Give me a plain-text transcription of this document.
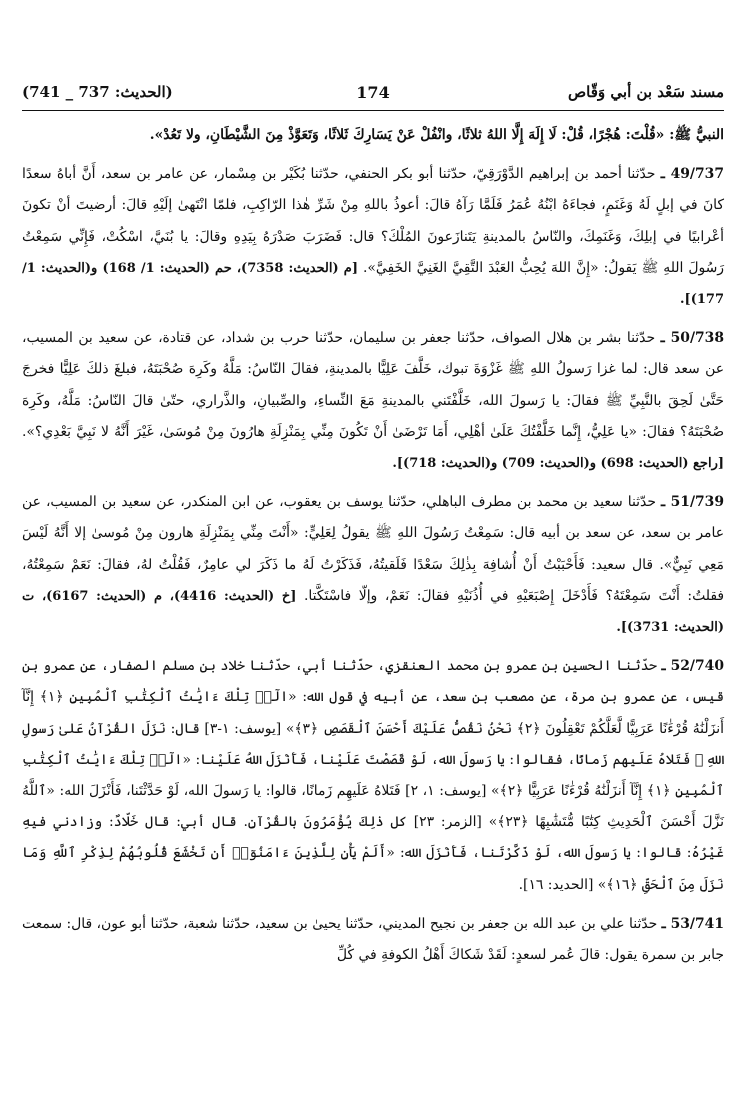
مسند سَعْد بن أبي وَقّاص
174
(الحديث: 737 _ 741)

النبيُّ ﷺ: «قُلْتَ: هُجْرًا، قُلْ: لَا إِلَهَ إِلَّا اللهُ ثلاثًا، وانْفُلْ عَنْ يَسَارِكَ ثَلاثًا، وَتَعَوَّذْ مِنَ الشَّيْطَانِ، ولا تَعُدْ».

49/737 ـ حدّثنا أحمد بن إبراهيم الدَّوْرَقِيّ، حدّثنا أبو بكر الحنفي، حدّثنا بُكَيْر بن مِسْمار، عن عامر بن سعد، أَنَّ أباهُ سعدًا كانَ في إبلٍ لَهُ وَغَنَمٍ، فجاءَهُ ابْنُهُ عُمَرُ فَلَمَّا رَآهُ قالَ: أعوذُ باللهِ مِنْ شَرِّ هٰذا الرّاكِبِ، فلمّا انْتَهىٰ إلَيْهِ قالَ: أرضيتَ أنْ تكونَ أعْرابيًا في إبلِكَ، وَغَنَمِكَ، والنّاسُ بالمدينةِ يَتَنازَعونَ المُلْكَ؟ قال: فَضَرَبَ صَدْرَهُ بِيَدِهِ وقالَ: يا بُنَيَّ، اسْكُتْ، فَإِنِّي سَمِعْتُ رَسُولَ اللهِ ﷺ يَقولُ: «إِنَّ اللهَ يُحِبُّ العَبْدَ التَّقِيَّ الغَنِيَّ الخَفِيَّ». [م (الحديث: 7358)، حم (الحديث: 1/ 168) و(الحديث: 1/ 177)].

50/738 ـ حدّثنا بشر بن هلال الصواف، حدّثنا جعفر بن سليمان، حدّثنا حرب بن شداد، عن قتادة، عن سعيد بن المسيب، عن سعد قال: لما غزا رَسولُ اللهِ ﷺ غَزْوَةَ تبوك، خَلَّفَ عَلِيًّا بالمدينةِ، فقالَ النّاسُ: مَلَّهُ وكَرِهَ صُحْبَتَهُ، فبلغَ ذلكَ عَلِيًّا فخرجَ حَتَّىٰ لَحِقَ بالنَّبِيِّ ﷺ فقالَ: يا رَسولَ الله، خَلَّفْتَني بالمدينةِ مَعَ النِّساءِ، والصِّبيانِ، والذَّراري، حتّىٰ قالَ النّاسُ: مَلَّهُ، وكَرِهَ صُحْبَتَهُ؟ فقالَ: «يا عَلِيُّ، إِنَّما خَلَّفْتُكَ عَلَىٰ أهْلِي، أَمَا تَرْضَىٰ أَنْ تَكُونَ مِنِّي بِمَنْزِلَةِ هارُونَ مِنْ مُوسَىٰ، غَيْرَ أَنَّهُ لا نَبِيَّ بَعْدِي؟». [راجع (الحديث: 698) و(الحديث: 709) و(الحديث: 718)].

51/739 ـ حدّثنا سعيد بن محمد بن مطرف الباهلي، حدّثنا يوسف بن يعقوب، عن ابن المنكدر، عن سعيد بن المسيب، عن عامر بن سعد، عن سعد بن أبيه قال: سَمِعْتُ رَسُولَ اللهِ ﷺ يقولُ لِعَلِيٍّ: «أَنْتَ مِنِّي بِمَنْزِلَةِ هارون مِنْ مُوسىٰ إلا أَنَّهُ لَيْسَ مَعِي نَبِيٌّ». قال سعيد: فَأَحْبَبْتُ أَنْ أُشافِهَ بِذٰلِكَ سَعْدًا فَلَقيتُهُ، فَذَكَرْتُ لَهُ ما ذَكَرَ لي عامِرٌ، فَقُلْتُ لهُ، فقالَ: نَعَمْ سَمِعْتُهُ، فقلتُ: أَنْتَ سَمِعْتَهُ؟ فَأَدْخَلَ إِصْبَعَيْهِ في أُذُنَيْهِ فقالَ: نَعَمْ، وإلّا فاسْتَكَّتا. [خ (الحديث: 4416)، م (الحديث: 6167)، ت (الحديث: 3731)].

52/740 ـ حدّثنا الحسين بن عمرو بن محمد العنقزي، حدّثنا أبي، حدّثنا خلاد بن مسلم الصفار، عن عمرو بن قيس، عن عمرو بن مرة، عن مصعب بن سعد، عن أبيه في قول الله: «الٓرۚ تِلْكَ ءَايَٰتُ ٱلْكِتَٰبِ ٱلْمُبِينِ ﴿١﴾ إِنَّآ أَنزَلْنَٰهُ قُرْءَٰنًا عَرَبِيًّا لَّعَلَّكُمْ تَعْقِلُونَ ﴿٢﴾ نَحْنُ نَقُصُّ عَلَيْكَ أَحْسَنَ ٱلْقَصَصِ ﴿٣﴾» [يوسف: ١-٣] قال: نَزَلَ القُرْآنُ عَلىٰ رَسولِ اللهِ ﷺ فَتَلاهُ عَلَيهم زَمانًا، فقالوا: يا رَسولَ الله، لَوْ قَصَصْتَ عَلَيْنا، فَأَنْزَلَ اللهُ عَلَيْنا: «الٓرۚ تِلْكَ ءَايَٰتُ ٱلْكِتَٰبِ ٱلْمُبِينِ ﴿١﴾ إِنَّآ أَنزَلْنَٰهُ قُرْءَٰنًا عَرَبِيًّا ﴿٢﴾» [يوسف: ١، ٢] فَتَلاهُ عَلَيهِم زَمانًا، قالوا: يا رَسولَ الله، لَوْ حَدَّثْتَنا، فَأَنْزَلَ الله: «ٱللَّهُ نَزَّلَ أَحْسَنَ ٱلْحَدِيثِ كِتَٰبًا مُّتَشَٰبِهًا ﴿٢٣﴾» [الزمر: ٢٣] كل ذٰلِكَ يُؤْمَرُونَ بالقُرْآنِ. قال أبي: قال خَلّادٌ: وزادني فيهِ غَيْرُهُ: قالوا: يا رَسولَ الله، لَوْ ذَكَّرْتَنا، فَأَنْزَلَ الله: «أَلَمْ يَأْنِ لِلَّذِينَ ءَامَنُوٓا۟ أَن تَخْشَعَ قُلُوبُهُمْ لِذِكْرِ ٱللَّهِ وَمَا نَزَلَ مِنَ ٱلْحَقِّ ﴿١٦﴾» [الحديد: ١٦].

53/741 ـ حدّثنا علي بن عبد الله بن جعفر بن نجيح المديني، حدّثنا يحيىٰ بن سعيد، حدّثنا شعبة، حدّثنا أبو عون، قال: سمعت جابر بن سمرة يقول: قالَ عُمر لسعدٍ: لَقَدْ شَكاكَ أَهْلُ الكوفةِ في كُلِّ
